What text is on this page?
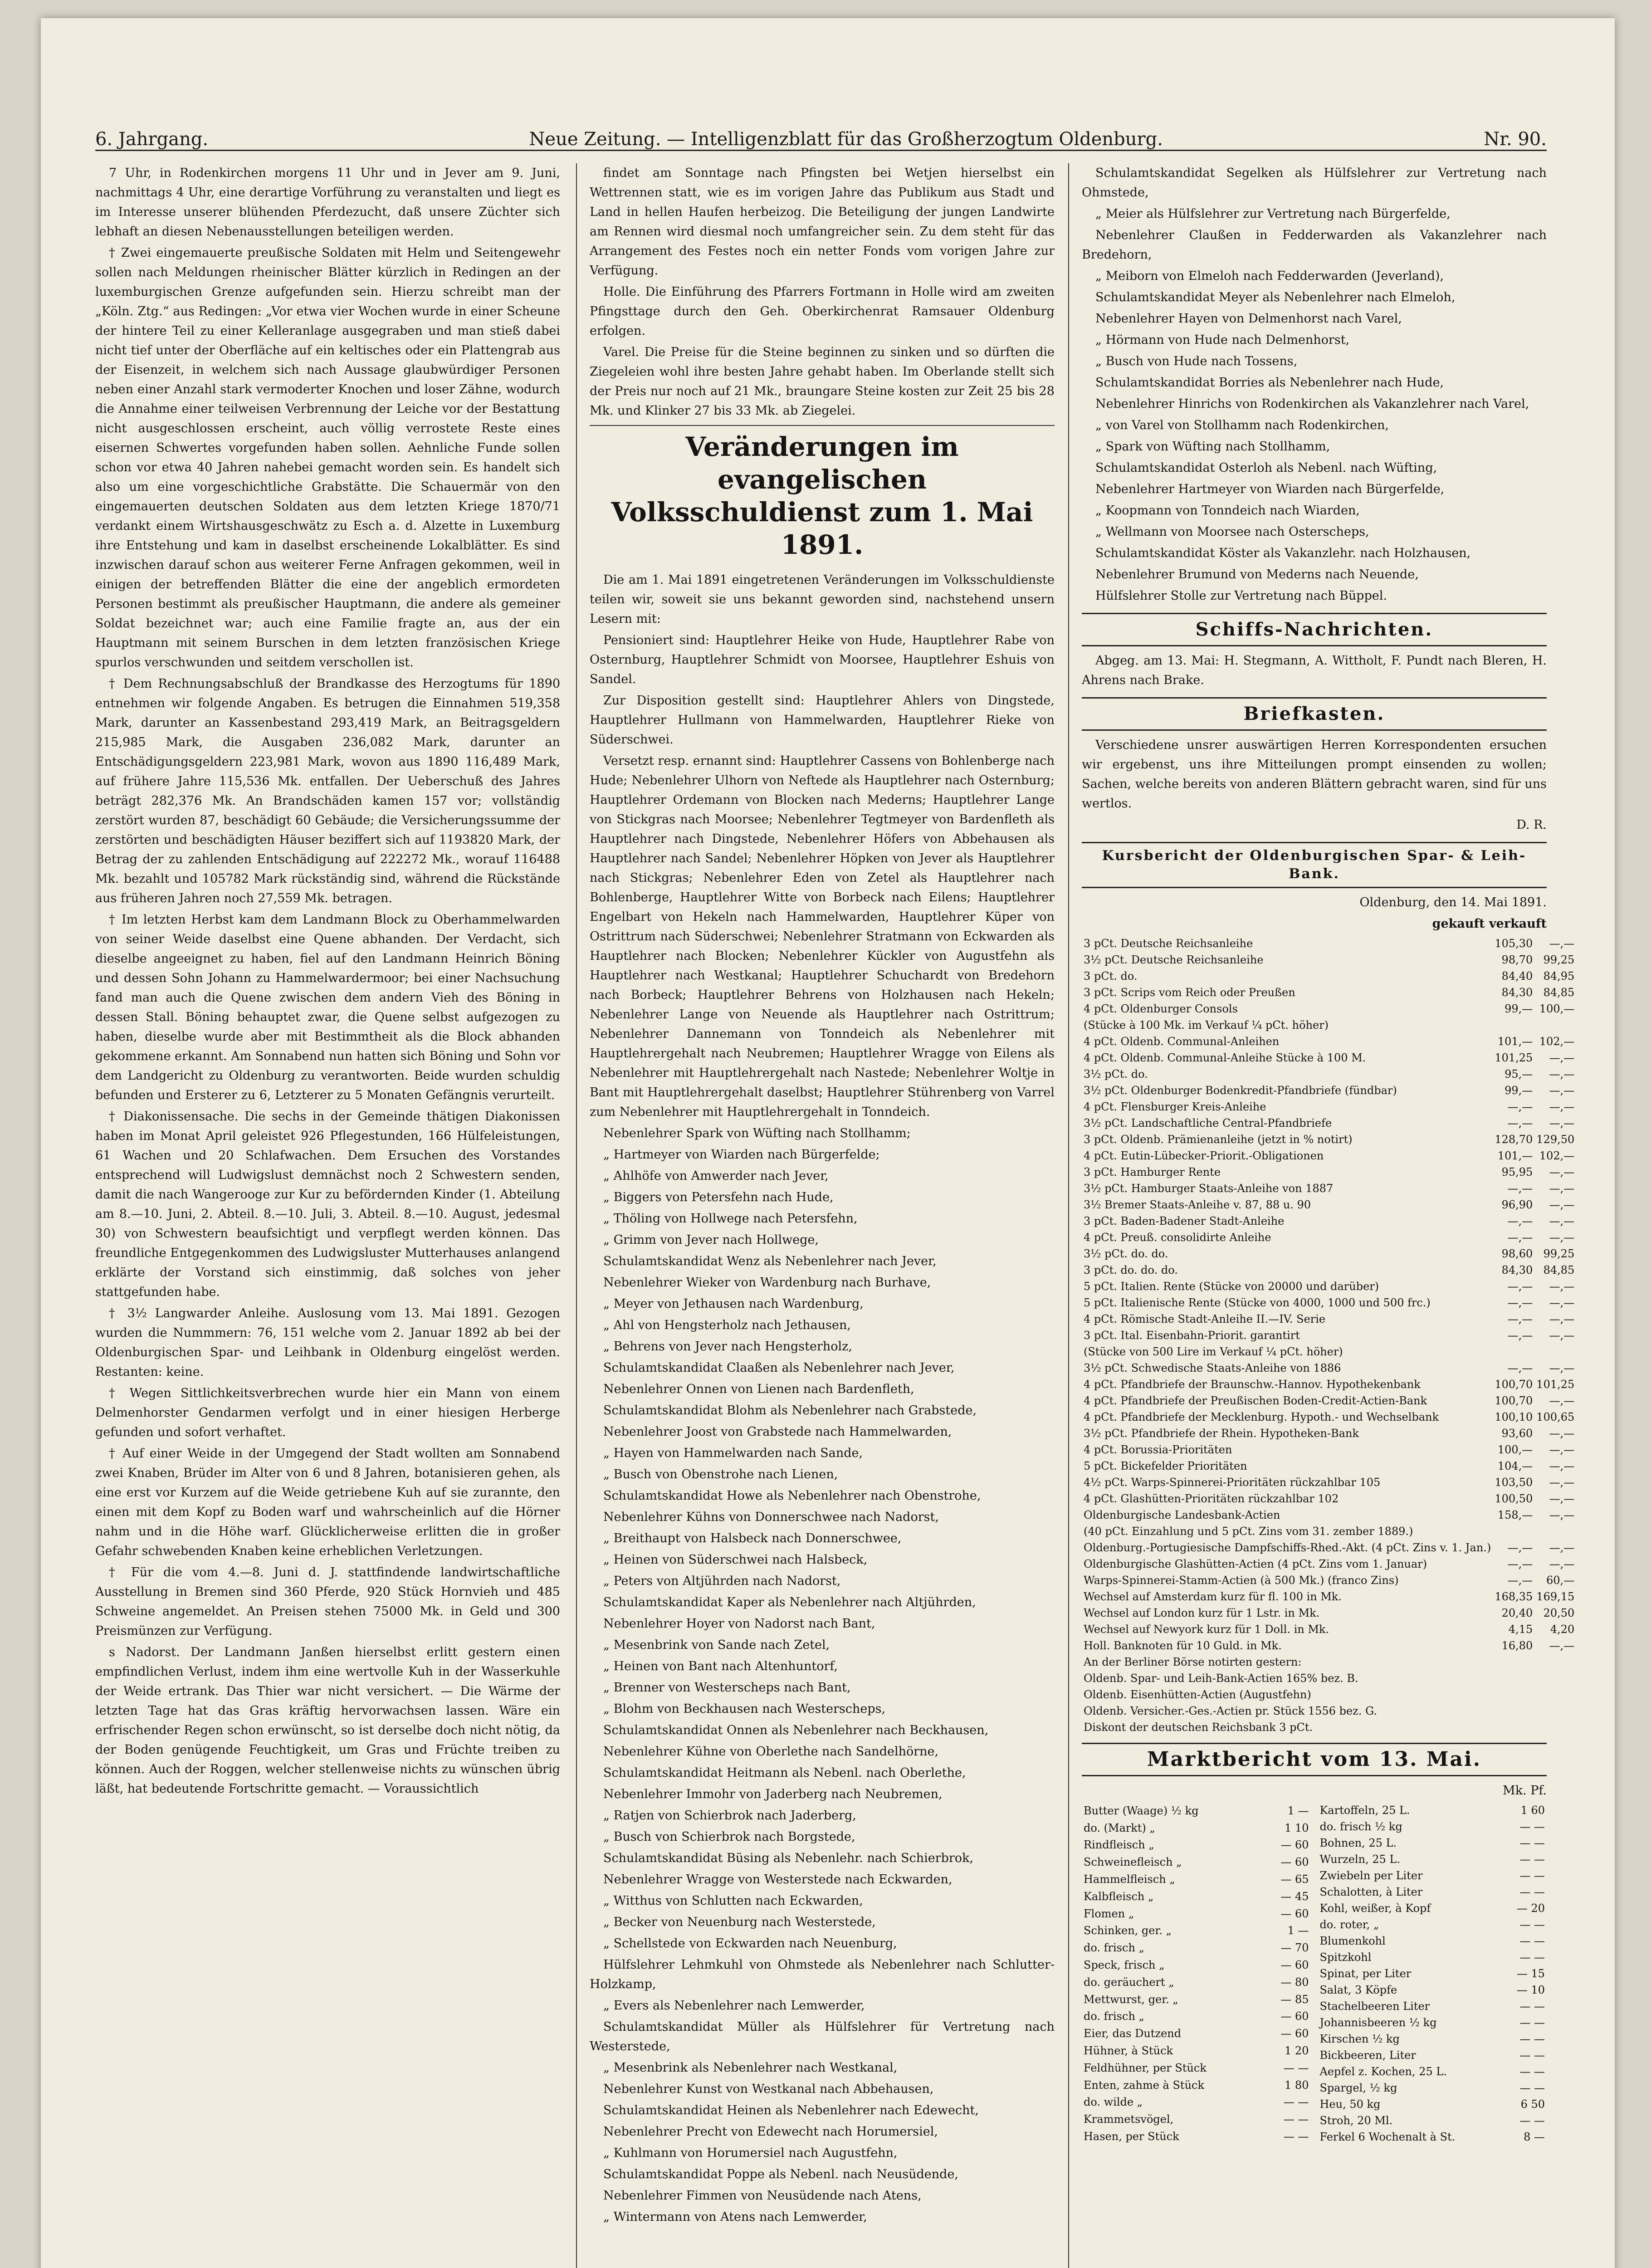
6. Jahrgang.	Neue Zeitung. — Intelligenzblatt für das Großherzogtum Oldenburg.	Nr. 90.

7 Uhr, in Rodenkirchen morgens 11 Uhr und in Jever am 9. Juni, nachmittags 4 Uhr, eine derartige Vorführung zu veranstalten und liegt es im Interesse unserer blühenden Pferdezucht, daß unsere Züchter sich lebhaft an diesen Nebenausstellungen beteiligen werden.

† Zwei eingemauerte preußische Soldaten mit Helm und Seitengewehr sollen nach Meldungen rheinischer Blätter kürzlich in Redingen an der luxemburgischen Grenze aufgefunden sein. Hierzu schreibt man der „Köln. Ztg.“ aus Redingen: „Vor etwa vier Wochen wurde in einer Scheune der hintere Teil zu einer Kelleranlage ausgegraben und man stieß dabei nicht tief unter der Oberfläche auf ein keltisches oder ein Plattengrab aus der Eisenzeit, in welchem sich nach Aussage glaubwürdiger Personen neben einer Anzahl stark vermoderter Knochen und loser Zähne, wodurch die Annahme einer teilweisen Verbrennung der Leiche vor der Bestattung nicht ausgeschlossen erscheint, auch völlig verrostete Reste eines eisernen Schwertes vorgefunden haben sollen. Aehnliche Funde sollen schon vor etwa 40 Jahren nahebei gemacht worden sein. Es handelt sich also um eine vorgeschichtliche Grabstätte. Die Schauermär von den eingemauerten deutschen Soldaten aus dem letzten Kriege 1870/71 verdankt einem Wirtshausgeschwätz zu Esch a. d. Alzette in Luxemburg ihre Entstehung und kam in daselbst erscheinende Lokalblätter. Es sind inzwischen darauf schon aus weiterer Ferne Anfragen gekommen, weil in einigen der betreffenden Blätter die eine der angeblich ermordeten Personen bestimmt als preußischer Hauptmann, die andere als gemeiner Soldat bezeichnet war; auch eine Familie fragte an, aus der ein Hauptmann mit seinem Burschen in dem letzten französischen Kriege spurlos verschwunden und seitdem verschollen ist.

† Dem Rechnungsabschluß der Brandkasse des Herzogtums für 1890 entnehmen wir folgende Angaben. Es betrugen die Einnahmen 519,358 Mark, darunter an Kassenbestand 293,419 Mark, an Beitragsgeldern 215,985 Mark, die Ausgaben 236,082 Mark, darunter an Entschädigungsgeldern 223,981 Mark, wovon aus 1890 116,489 Mark, auf frühere Jahre 115,536 Mk. entfallen. Der Ueberschuß des Jahres beträgt 282,376 Mk. An Brandschäden kamen 157 vor; vollständig zerstört wurden 87, beschädigt 60 Gebäude; die Versicherungssumme der zerstörten und beschädigten Häuser beziffert sich auf 1193820 Mark, der Betrag der zu zahlenden Entschädigung auf 222272 Mk., worauf 116488 Mk. bezahlt und 105782 Mark rückständig sind, während die Rückstände aus früheren Jahren noch 27,559 Mk. betragen.

† Im letzten Herbst kam dem Landmann Block zu Oberhammelwarden von seiner Weide daselbst eine Quene abhanden. Der Verdacht, sich dieselbe angeeignet zu haben, fiel auf den Landmann Heinrich Böning und dessen Sohn Johann zu Hammelwardermoor; bei einer Nachsuchung fand man auch die Quene zwischen dem andern Vieh des Böning in dessen Stall. Böning behauptet zwar, die Quene selbst aufgezogen zu haben, dieselbe wurde aber mit Bestimmtheit als die Block abhanden gekommene erkannt. Am Sonnabend nun hatten sich Böning und Sohn vor dem Landgericht zu Oldenburg zu verantworten. Beide wurden schuldig befunden und Ersterer zu 6, Letzterer zu 5 Monaten Gefängnis verurteilt.

† Diakonissensache. Die sechs in der Gemeinde thätigen Diakonissen haben im Monat April geleistet 926 Pflegestunden, 166 Hülfeleistungen, 61 Wachen und 20 Schlafwachen. Dem Ersuchen des Vorstandes entsprechend will Ludwigslust demnächst noch 2 Schwestern senden, damit die nach Wangerooge zur Kur zu befördernden Kinder (1. Abteilung am 8.—10. Juni, 2. Abteil. 8.—10. Juli, 3. Abteil. 8.—10. August, jedesmal 30) von Schwestern beaufsichtigt und verpflegt werden können. Das freundliche Entgegenkommen des Ludwigsluster Mutterhauses anlangend erklärte der Vorstand sich einstimmig, daß solches von jeher stattgefunden habe.

† 3½ Langwarder Anleihe. Auslosung vom 13. Mai 1891. Gezogen wurden die Nummmern: 76, 151 welche vom 2. Januar 1892 ab bei der Oldenburgischen Spar- und Leihbank in Oldenburg eingelöst werden. Restanten: keine.

† Wegen Sittlichkeitsverbrechen wurde hier ein Mann von einem Delmenhorster Gendarmen verfolgt und in einer hiesigen Herberge gefunden und sofort verhaftet.

† Auf einer Weide in der Umgegend der Stadt wollten am Sonnabend zwei Knaben, Brüder im Alter von 6 und 8 Jahren, botanisieren gehen, als eine erst vor Kurzem auf die Weide getriebene Kuh auf sie zurannte, den einen mit dem Kopf zu Boden warf und wahrscheinlich auf die Hörner nahm und in die Höhe warf. Glücklicherweise erlitten die in großer Gefahr schwebenden Knaben keine erheblichen Verletzungen.

† Für die vom 4.—8. Juni d. J. stattfindende landwirtschaftliche Ausstellung in Bremen sind 360 Pferde, 920 Stück Hornvieh und 485 Schweine angemeldet. An Preisen stehen 75000 Mk. in Geld und 300 Preismünzen zur Verfügung.

s Nadorst. Der Landmann Janßen hierselbst erlitt gestern einen empfindlichen Verlust, indem ihm eine wertvolle Kuh in der Wasserkuhle der Weide ertrank. Das Thier war nicht versichert. — Die Wärme der letzten Tage hat das Gras kräftig hervorwachsen lassen. Wäre ein erfrischender Regen schon erwünscht, so ist derselbe doch nicht nötig, da der Boden genügende Feuchtigkeit, um Gras und Früchte treiben zu können. Auch der Roggen, welcher stellenweise nichts zu wünschen übrig läßt, hat bedeutende Fortschritte gemacht. — Voraussichtlich

findet am Sonntage nach Pfingsten bei Wetjen hierselbst ein Wettrennen statt, wie es im vorigen Jahre das Publikum aus Stadt und Land in hellen Haufen herbeizog. Die Beteiligung der jungen Landwirte am Rennen wird diesmal noch umfangreicher sein. Zu dem steht für das Arrangement des Festes noch ein netter Fonds vom vorigen Jahre zur Verfügung.

Holle. Die Einführung des Pfarrers Fortmann in Holle wird am zweiten Pfingsttage durch den Geh. Oberkirchenrat Ramsauer Oldenburg erfolgen.

Varel. Die Preise für die Steine beginnen zu sinken und so dürften die Ziegeleien wohl ihre besten Jahre gehabt haben. Im Oberlande stellt sich der Preis nur noch auf 21 Mk., braungare Steine kosten zur Zeit 25 bis 28 Mk. und Klinker 27 bis 33 Mk. ab Ziegelei.

Veränderungen im evangelischen Volksschuldienst zum 1. Mai 1891.

Die am 1. Mai 1891 eingetretenen Veränderungen im Volksschuldienste teilen wir, soweit sie uns bekannt geworden sind, nachstehend unsern Lesern mit:

Pensioniert sind: Hauptlehrer Heike von Hude, Hauptlehrer Rabe von Osternburg, Hauptlehrer Schmidt von Moorsee, Hauptlehrer Eshuis von Sandel.

Zur Disposition gestellt sind: Hauptlehrer Ahlers von Dingstede, Hauptlehrer Hullmann von Hammelwarden, Hauptlehrer Rieke von Süderschwei.

Versetzt resp. ernannt sind: Hauptlehrer Cassens von Bohlenberge nach Hude; Nebenlehrer Ulhorn von Neftede als Hauptlehrer nach Osternburg; Hauptlehrer Ordemann von Blocken nach Mederns; Hauptlehrer Lange von Stickgras nach Moorsee; Nebenlehrer Tegtmeyer von Bardenfleth als Hauptlehrer nach Dingstede, Nebenlehrer Höfers von Abbehausen als Hauptlehrer nach Sandel; Nebenlehrer Höpken von Jever als Hauptlehrer nach Stickgras; Nebenlehrer Eden von Zetel als Hauptlehrer nach Bohlenberge, Hauptlehrer Witte von Borbeck nach Eilens; Hauptlehrer Engelbart von Hekeln nach Hammelwarden, Hauptlehrer Küper von Ostrittrum nach Süderschwei; Nebenlehrer Stratmann von Eckwarden als Hauptlehrer nach Blocken; Nebenlehrer Kückler von Augustfehn als Hauptlehrer nach Westkanal; Hauptlehrer Schuchardt von Bredehorn nach Borbeck; Hauptlehrer Behrens von Holzhausen nach Hekeln; Nebenlehrer Lange von Neuende als Hauptlehrer nach Ostrittrum; Nebenlehrer Dannemann von Tonndeich als Nebenlehrer mit Hauptlehrergehalt nach Neubremen; Hauptlehrer Wragge von Eilens als Nebenlehrer mit Hauptlehrergehalt nach Nastede; Nebenlehrer Woltje in Bant mit Hauptlehrergehalt daselbst; Hauptlehrer Stührenberg von Varrel zum Nebenlehrer mit Hauptlehrergehalt in Tonndeich.

Nebenlehrer Spark von Wüfting nach Stollhamm;

„ Hartmeyer von Wiarden nach Bürgerfelde;

„ Ahlhöfe von Amwerder nach Jever,

„ Biggers von Petersfehn nach Hude,

„ Thöling von Hollwege nach Petersfehn,

„ Grimm von Jever nach Hollwege,

Schulamtskandidat Wenz als Nebenlehrer nach Jever,

Nebenlehrer Wieker von Wardenburg nach Burhave,

„ Meyer von Jethausen nach Wardenburg,

„ Ahl von Hengsterholz nach Jethausen,

„ Behrens von Jever nach Hengsterholz,

Schulamtskandidat Claaßen als Nebenlehrer nach Jever,

Nebenlehrer Onnen von Lienen nach Bardenfleth,

Schulamtskandidat Blohm als Nebenlehrer nach Grabstede,

Nebenlehrer Joost von Grabstede nach Hammelwarden,

„ Hayen von Hammelwarden nach Sande,

„ Busch von Obenstrohe nach Lienen,

Schulamtskandidat Howe als Nebenlehrer nach Obenstrohe,

Nebenlehrer Kühns von Donnerschwee nach Nadorst,

„ Breithaupt von Halsbeck nach Donnerschwee,

„ Heinen von Süderschwei nach Halsbeck,

„ Peters von Altjührden nach Nadorst,

Schulamtskandidat Kaper als Nebenlehrer nach Altjührden,

Nebenlehrer Hoyer von Nadorst nach Bant,

„ Mesenbrink von Sande nach Zetel,

„ Heinen von Bant nach Altenhuntorf,

„ Brenner von Westerscheps nach Bant,

„ Blohm von Beckhausen nach Westerscheps,

Schulamtskandidat Onnen als Nebenlehrer nach Beckhausen,

Nebenlehrer Kühne von Oberlethe nach Sandelhörne,

Schulamtskandidat Heitmann als Nebenl. nach Oberlethe,

Nebenlehrer Immohr von Jaderberg nach Neubremen,

„ Ratjen von Schierbrok nach Jaderberg,

„ Busch von Schierbrok nach Borgstede,

Schulamtskandidat Büsing als Nebenlehr. nach Schierbrok,

Nebenlehrer Wragge von Westerstede nach Eckwarden,

„ Witthus von Schlutten nach Eckwarden,

„ Becker von Neuenburg nach Westerstede,

„ Schellstede von Eckwarden nach Neuenburg,

Hülfslehrer Lehmkuhl von Ohmstede als Nebenlehrer nach Schlutter-Holzkamp,

„ Evers als Nebenlehrer nach Lemwerder,

Schulamtskandidat Müller als Hülfslehrer für Vertretung nach Westerstede,

„ Mesenbrink als Nebenlehrer nach Westkanal,

Nebenlehrer Kunst von Westkanal nach Abbehausen,

Schulamtskandidat Heinen als Nebenlehrer nach Edewecht,

Nebenlehrer Precht von Edewecht nach Horumersiel,

„ Kuhlmann von Horumersiel nach Augustfehn,

Schulamtskandidat Poppe als Nebenl. nach Neusüdende,

Nebenlehrer Fimmen von Neusüdende nach Atens,

„ Wintermann von Atens nach Lemwerder,

Schulamtskandidat Segelken als Hülfslehrer zur Vertretung nach Ohmstede,

„ Meier als Hülfslehrer zur Vertretung nach Bürgerfelde,

Nebenlehrer Claußen in Fedderwarden als Vakanzlehrer nach Bredehorn,

„ Meiborn von Elmeloh nach Fedderwarden (Jeverland),

Schulamtskandidat Meyer als Nebenlehrer nach Elmeloh,

Nebenlehrer Hayen von Delmenhorst nach Varel,

„ Hörmann von Hude nach Delmenhorst,

„ Busch von Hude nach Tossens,

Schulamtskandidat Borries als Nebenlehrer nach Hude,

Nebenlehrer Hinrichs von Rodenkirchen als Vakanzlehrer nach Varel,

„ von Varel von Stollhamm nach Rodenkirchen,

„ Spark von Wüfting nach Stollhamm,

Schulamtskandidat Osterloh als Nebenl. nach Wüfting,

Nebenlehrer Hartmeyer von Wiarden nach Bürgerfelde,

„ Koopmann von Tonndeich nach Wiarden,

„ Wellmann von Moorsee nach Osterscheps,

Schulamtskandidat Köster als Vakanzlehr. nach Holzhausen,

Nebenlehrer Brumund von Mederns nach Neuende,

Hülfslehrer Stolle zur Vertretung nach Büppel.

Schiffs-Nachrichten.

Abgeg. am 13. Mai: H. Stegmann, A. Wittholt, F. Pundt nach Bleren, H. Ahrens nach Brake.

Briefkasten.

Verschiedene unsrer auswärtigen Herren Korrespondenten ersuchen wir ergebenst, uns ihre Mitteilungen prompt einsenden zu wollen; Sachen, welche bereits von anderen Blättern gebracht waren, sind für uns wertlos.

D. R.

Kursbericht der Oldenburgischen Spar- & Leih-Bank.

Oldenburg, den 14. Mai 1891.

gekauft verkauft

3 pCt. Deutsche Reichsanleihe	105,30	—,—
3½ pCt. Deutsche Reichsanleihe	98,70	99,25
3 pCt. do.	84,40	84,95
3 pCt. Scrips vom Reich oder Preußen	84,30	84,85
4 pCt. Oldenburger Consols	99,—	100,—
(Stücke à 100 Mk. im Verkauf ¼ pCt. höher)		
4 pCt. Oldenb. Communal-Anleihen	101,—	102,—
4 pCt. Oldenb. Communal-Anleihe Stücke à 100 M.	101,25	—,—
3½ pCt. do.	95,—	—,—
3½ pCt. Oldenburger Bodenkredit-Pfandbriefe (fündbar)	99,—	—,—
4 pCt. Flensburger Kreis-Anleihe	—,—	—,—
3½ pCt. Landschaftliche Central-Pfandbriefe	—,—	—,—
3 pCt. Oldenb. Prämienanleihe (jetzt in % notirt)	128,70	129,50
4 pCt. Eutin-Lübecker-Priorit.-Obligationen	101,—	102,—
3 pCt. Hamburger Rente	95,95	—,—
3½ pCt. Hamburger Staats-Anleihe von 1887	—,—	—,—
3½ Bremer Staats-Anleihe v. 87, 88 u. 90	96,90	—,—
3 pCt. Baden-Badener Stadt-Anleihe	—,—	—,—
4 pCt. Preuß. consolidirte Anleihe	—,—	—,—
3½ pCt. do. do.	98,60	99,25
3 pCt. do. do. do.	84,30	84,85
5 pCt. Italien. Rente (Stücke von 20000 und darüber)	—,—	—,—
5 pCt. Italienische Rente (Stücke von 4000, 1000 und 500 frc.)	—,—	—,—
4 pCt. Römische Stadt-Anleihe II.—IV. Serie	—,—	—,—
3 pCt. Ital. Eisenbahn-Priorit. garantirt	—,—	—,—
(Stücke von 500 Lire im Verkauf ¼ pCt. höher)		
3½ pCt. Schwedische Staats-Anleihe von 1886	—,—	—,—
4 pCt. Pfandbriefe der Braunschw.-Hannov. Hypothekenbank	100,70	101,25
4 pCt. Pfandbriefe der Preußischen Boden-Credit-Actien-Bank	100,70	—,—
4 pCt. Pfandbriefe der Mecklenburg. Hypoth.- und Wechselbank	100,10	100,65
3½ pCt. Pfandbriefe der Rhein. Hypotheken-Bank	93,60	—,—
4 pCt. Borussia-Prioritäten	100,—	—,—
5 pCt. Bickefelder Prioritäten	104,—	—,—
4½ pCt. Warps-Spinnerei-Prioritäten rückzahlbar 105	103,50	—,—
4 pCt. Glashütten-Prioritäten rückzahlbar 102	100,50	—,—
Oldenburgische Landesbank-Actien	158,—	—,—
(40 pCt. Einzahlung und 5 pCt. Zins vom 31. zember 1889.)		
Oldenburg.-Portugiesische Dampfschiffs-Rhed.-Akt. (4 pCt. Zins v. 1. Jan.)	—,—	—,—
Oldenburgische Glashütten-Actien (4 pCt. Zins vom 1. Januar)	—,—	—,—
Warps-Spinnerei-Stamm-Actien (à 500 Mk.) (franco Zins)	—,—	60,—
Wechsel auf Amsterdam kurz für fl. 100 in Mk.	168,35	169,15
Wechsel auf London kurz für 1 Lstr. in Mk.	20,40	20,50
Wechsel auf Newyork kurz für 1 Doll. in Mk.	4,15	4,20
Holl. Banknoten für 10 Guld. in Mk.	16,80	—,—
An der Berliner Börse notirten gestern:		
Oldenb. Spar- und Leih-Bank-Actien 165% bez. B.		
Oldenb. Eisenhütten-Actien (Augustfehn)		
Oldenb. Versicher.-Ges.-Actien pr. Stück 1556 bez. G.		
Diskont der deutschen Reichsbank 3 pCt.		

Marktbericht vom 13. Mai.

Mk. Pf.

Butter (Waage) ½ kg	1 —
do. (Markt) „	1 10
Rindfleisch „	— 60
Schweinefleisch „	— 60
Hammelfleisch „	— 65
Kalbfleisch „	— 45
Flomen „	— 60
Schinken, ger. „	1 —
do. frisch „	— 70
Speck, frisch „	— 60
do. geräuchert „	— 80
Mettwurst, ger. „	— 85
do. frisch „	— 60
Eier, das Dutzend	— 60
Hühner, à Stück	1 20
Feldhühner, per Stück	— —
Enten, zahme à Stück	1 80
do. wilde „	— —
Krammetsvögel,	— —
Hasen, per Stück	— —
Kartoffeln, 25 L.	1 60
do. frisch ½ kg	— —
Bohnen, 25 L.	— —
Wurzeln, 25 L.	— —
Zwiebeln per Liter	— —
Schalotten, à Liter	— —
Kohl, weißer, à Kopf	— 20
do. roter, „	— —
Blumenkohl	— —
Spitzkohl	— —
Spinat, per Liter	— 15
Salat, 3 Köpfe	— 10
Stachelbeeren Liter	— —
Johannisbeeren ½ kg	— —
Kirschen ½ kg	— —
Bickbeeren, Liter	— —
Aepfel z. Kochen, 25 L.	— —
Spargel, ½ kg	— —
Heu, 50 kg	6 50
Stroh, 20 Ml.	— —
Ferkel 6 Wochenalt à St.	8 —
